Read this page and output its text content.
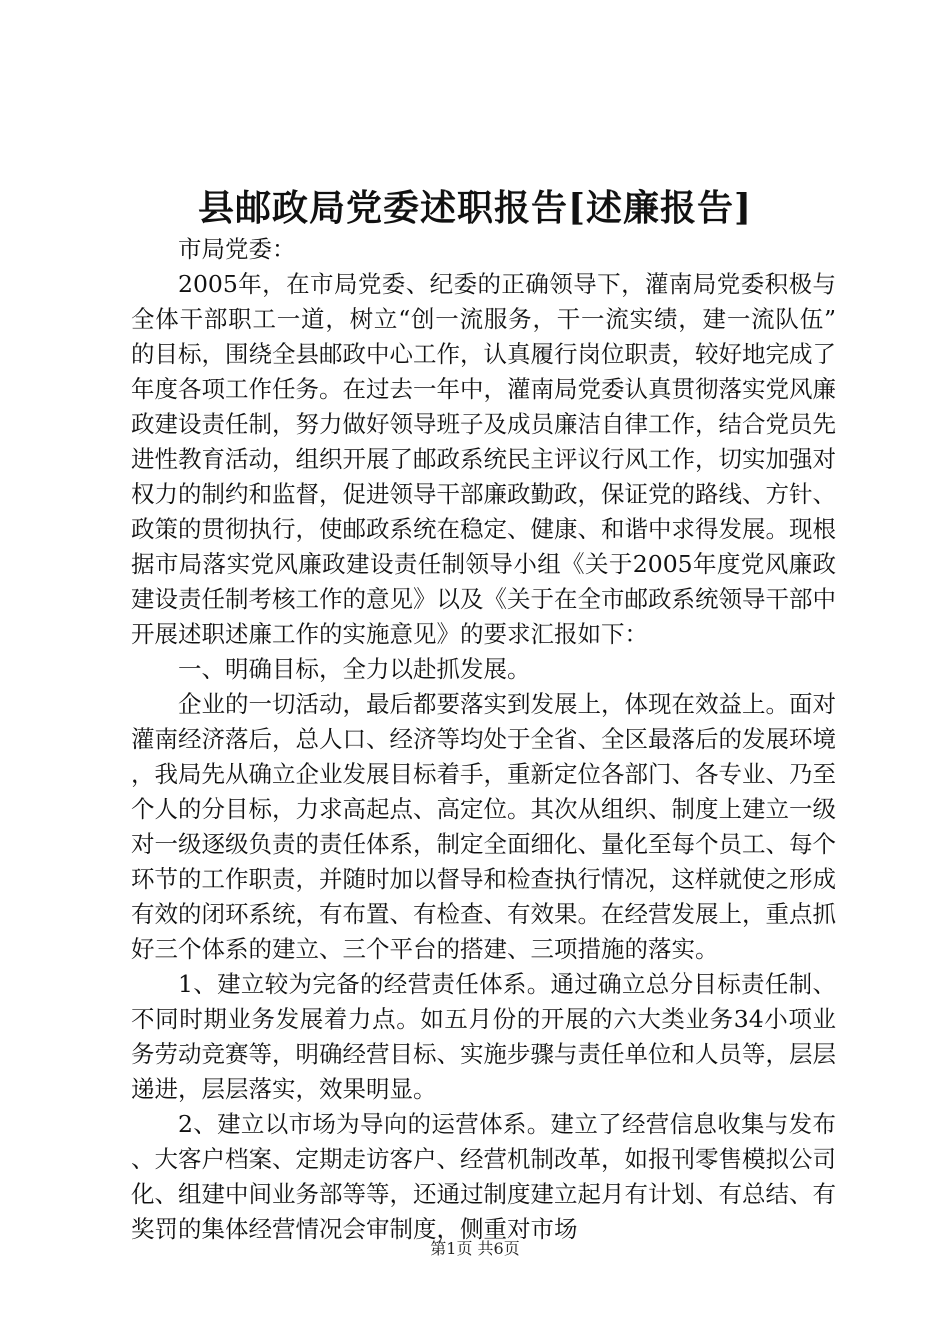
县邮政局党委述职报告[述廉报告]

市局党委：

2005年，在市局党委、纪委的正确领导下，灌南局党委积极与全体干部职工一道，树立“创一流服务，干一流实绩，建一流队伍”的目标，围绕全县邮政中心工作，认真履行岗位职责，较好地完成了年度各项工作任务。在过去一年中，灌南局党委认真贯彻落实党风廉政建设责任制，努力做好领导班子及成员廉洁自律工作，结合党员先进性教育活动，组织开展了邮政系统民主评议行风工作，切实加强对权力的制约和监督，促进领导干部廉政勤政，保证党的路线、方针、政策的贯彻执行，使邮政系统在稳定、健康、和谐中求得发展。现根据市局落实党风廉政建设责任制领导小组《关于2005年度党风廉政建设责任制考核工作的意见》以及《关于在全市邮政系统领导干部中开展述职述廉工作的实施意见》的要求汇报如下：

一、明确目标，全力以赴抓发展。

企业的一切活动，最后都要落实到发展上，体现在效益上。面对灌南经济落后，总人口、经济等均处于全省、全区最落后的发展环境，我局先从确立企业发展目标着手，重新定位各部门、各专业、乃至个人的分目标，力求高起点、高定位。其次从组织、制度上建立一级对一级逐级负责的责任体系，制定全面细化、量化至每个员工、每个环节的工作职责，并随时加以督导和检查执行情况，这样就使之形成有效的闭环系统，有布置、有检查、有效果。在经营发展上，重点抓好三个体系的建立、三个平台的搭建、三项措施的落实。

1、建立较为完备的经营责任体系。通过确立总分目标责任制、不同时期业务发展着力点。如五月份的开展的六大类业务34小项业务劳动竞赛等，明确经营目标、实施步骤与责任单位和人员等，层层递进，层层落实，效果明显。

2、建立以市场为导向的运营体系。建立了经营信息收集与发布、大客户档案、定期走访客户、经营机制改革，如报刊零售模拟公司化、组建中间业务部等等，还通过制度建立起月有计划、有总结、有奖罚的集体经营情况会审制度，侧重对市场

第1页 共6页
